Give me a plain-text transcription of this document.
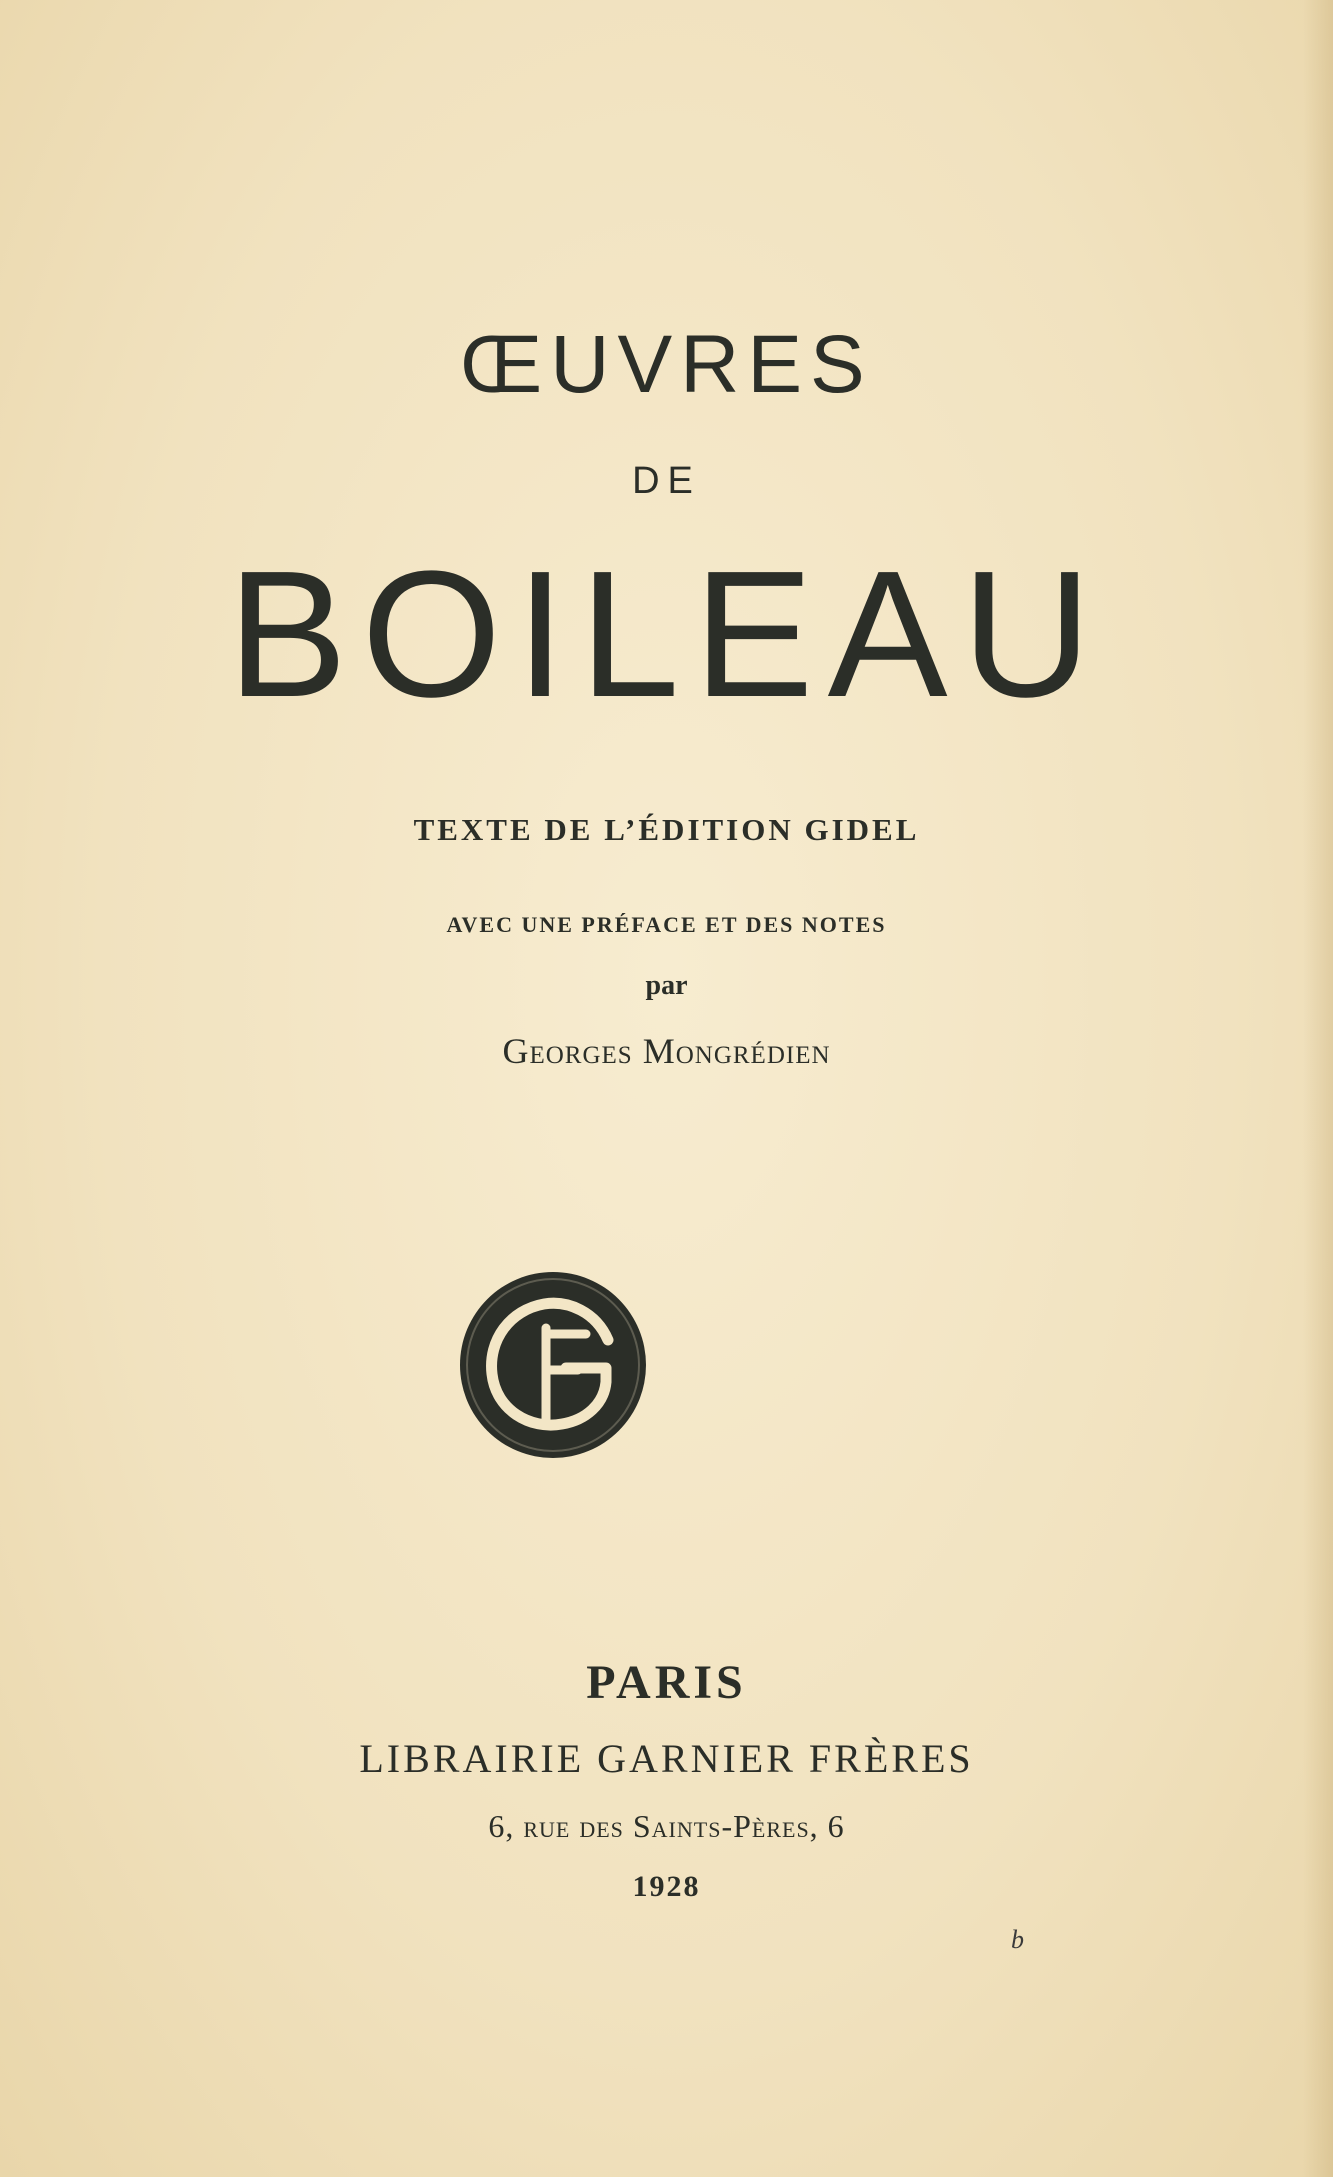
ŒUVRES
DE
BOILEAU
TEXTE DE L’ÉDITION GIDEL
AVEC UNE PRÉFACE ET DES NOTES
par
Georges Mongrédien
PARIS
LIBRAIRIE GARNIER FRÈRES
6, rue des Saints-Pères, 6
1928
b
